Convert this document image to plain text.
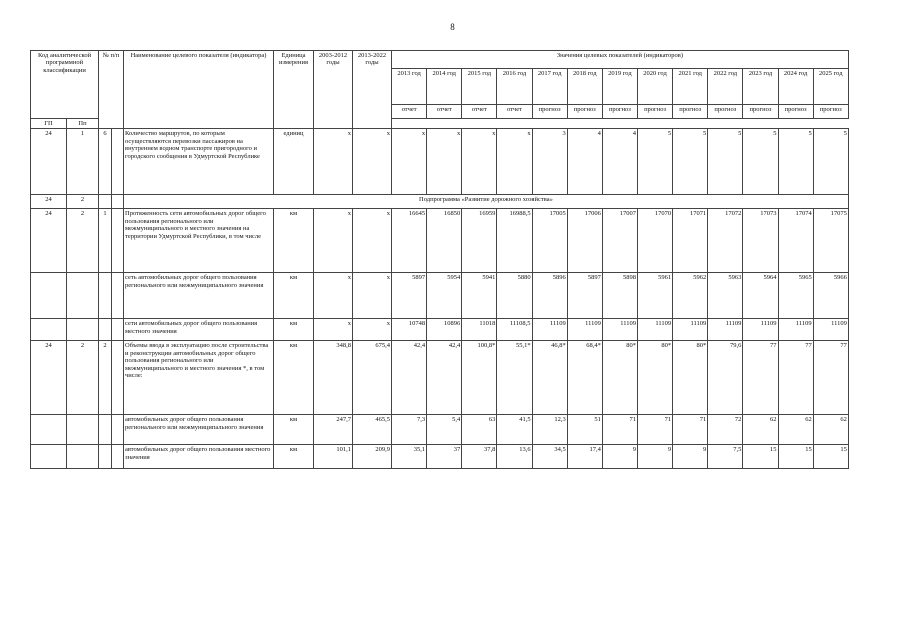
8
Код аналитической программной классификации		№ п/п		Наименование целевого показателя (индикатора)	Единица измерения	2003-2012 годы	2013-2022 годы	Значения целевых показателей (индикаторов)												
								2013 год	2014 год	2015 год	2016 год	2017 год	2018 год	2019 год	2020 год	2021 год	2022 год	2023 год	2024 год	2025 год
								отчет	отчет	отчет	отчет	прогноз	прогноз	прогноз	прогноз	прогноз	прогноз	прогноз	прогноз	прогноз
ГП	Пп																			
24	1	6		Количество маршрутов, по которым осуществляются перевозки пассажиров на внутреннем водном транспорте пригородного и городского сообщения в Удмуртской Республике	единиц	х	х	х	х	х	х	3	4	4	5	5	5	5	5	5
24	2			Подпрограмма «Развитие дорожного хозяйства»																
24	2	1		Протяженность сети автомобильных дорог общего пользования регионального или межмуниципального и местного значения на территории Удмуртской Республики, в том числе	км	х	х	16645	16850	16959	16988,5	17005	17006	17007	17070	17071	17072	17073	17074	17075
				сеть автомобильных дорог общего пользования регионального или межмуниципального значения	км	х	х	5897	5954	5941	5880	5896	5897	5898	5961	5962	5963	5964	5965	5966
				сети автомобильных дорог общего пользования местного значения	км	х	х	10748	10896	11018	11108,5	11109	11109	11109	11109	11109	11109	11109	11109	11109
24	2	2		Объемы ввода в эксплуатацию после строительства и реконструкции автомобильных дорог общего пользования регионального или межмуниципального и местного значения *, в том числе:	км	348,8	675,4	42,4	42,4	100,8*	55,1*	46,8*	68,4*	80*	80*	80*	79,6	77	77	77
				автомобильных дорог общего пользования регионального или межмуниципального значения	км	247,7	465,5	7,3	5,4	63	41,5	12,3	51	71	71	71	72	62	62	62
				автомобильных дорог общего пользования местного значения	км	101,1	209,9	35,1	37	37,8	13,6	34,5	17,4	9	9	9	7,5	15	15	15
